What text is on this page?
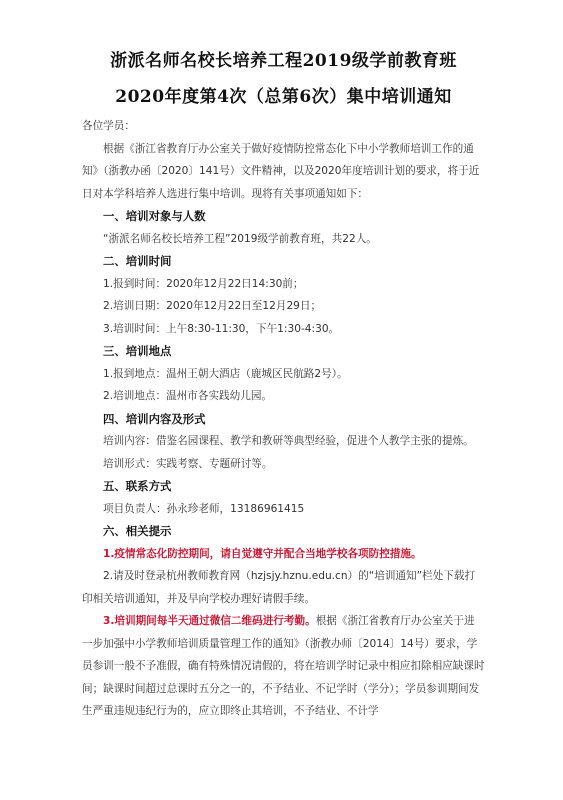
浙派名师名校长培养工程2019级学前教育班
2020年度第4次（总第6次）集中培训通知

各位学员：

根据《浙江省教育厅办公室关于做好疫情防控常态化下中小学教师培训工作的通知》（浙教办函〔2020〕141号）文件精神，以及2020年度培训计划的要求，将于近日对本学科培养人选进行集中培训。现将有关事项通知如下：

一、培训对象与人数

“浙派名师名校长培养工程”2019级学前教育班，共22人。

二、培训时间

1.报到时间：2020年12月22日14:30前；

2.培训日期：2020年12月22日至12月29日；

3.培训时间：上午8:30-11:30，下午1:30-4:30。

三、培训地点

1.报到地点：温州王朝大酒店（鹿城区民航路2号）。

2.培训地点：温州市各实践幼儿园。

四、培训内容及形式

培训内容：借鉴名园课程、教学和教研等典型经验，促进个人教学主张的提炼。

培训形式：实践考察、专题研讨等。

五、联系方式

项目负责人：孙永珍老师，13186961415

六、相关提示

1.疫情常态化防控期间，请自觉遵守并配合当地学校各项防控措施。

2.请及时登录杭州教师教育网（hzjsjy.hznu.edu.cn）的“培训通知”栏处下载打印相关培训通知，并及早向学校办理好请假手续。

3.培训期间每半天通过微信二维码进行考勤。根据《浙江省教育厅办公室关于进一步加强中小学教师培训质量管理工作的通知》（浙教办师〔2014〕14号）要求，学员参训一般不予准假，确有特殊情况请假的，将在培训学时记录中相应扣除相应缺课时间；缺课时间超过总课时五分之一的，不予结业、不记学时（学分）；学员参训期间发生严重违规违纪行为的，应立即终止其培训，不予结业、不计学
